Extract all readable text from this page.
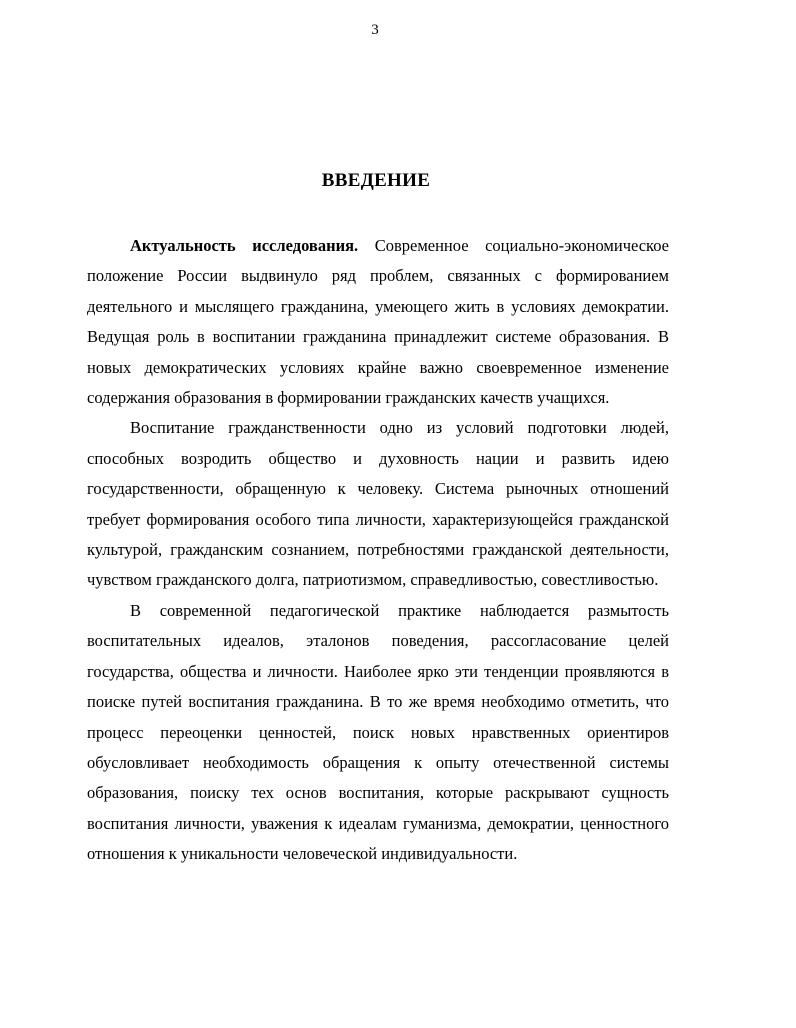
3
ВВЕДЕНИЕ

Актуальность исследования. Современное социально-экономическое положение России выдвинуло ряд проблем, связанных с формированием деятельного и мыслящего гражданина, умеющего жить в условиях демократии. Ведущая роль в воспитании гражданина принадлежит системе образования. В новых демократических условиях крайне важно своевременное изменение содержания образования в формировании гражданских качеств учащихся.

Воспитание гражданственности одно из условий подготовки людей, способных возродить общество и духовность нации и развить идею государственности, обращенную к человеку. Система рыночных отношений требует формирования особого типа личности, характеризующейся гражданской культурой, гражданским сознанием, потребностями гражданской деятельности, чувством гражданского долга, патриотизмом, справедливостью, совестливостью.

В современной педагогической практике наблюдается размытость воспитательных идеалов, эталонов поведения, рассогласование целей государства, общества и личности. Наиболее ярко эти тенденции проявляются в поиске путей воспитания гражданина. В то же время необходимо отметить, что процесс переоценки ценностей, поиск новых нравственных ориентиров обусловливает необходимость обращения к опыту отечественной системы образования, поиску тех основ воспитания, которые раскрывают сущность воспитания личности, уважения к идеалам гуманизма, демократии, ценностного отношения к уникальности человеческой индивидуальности.
